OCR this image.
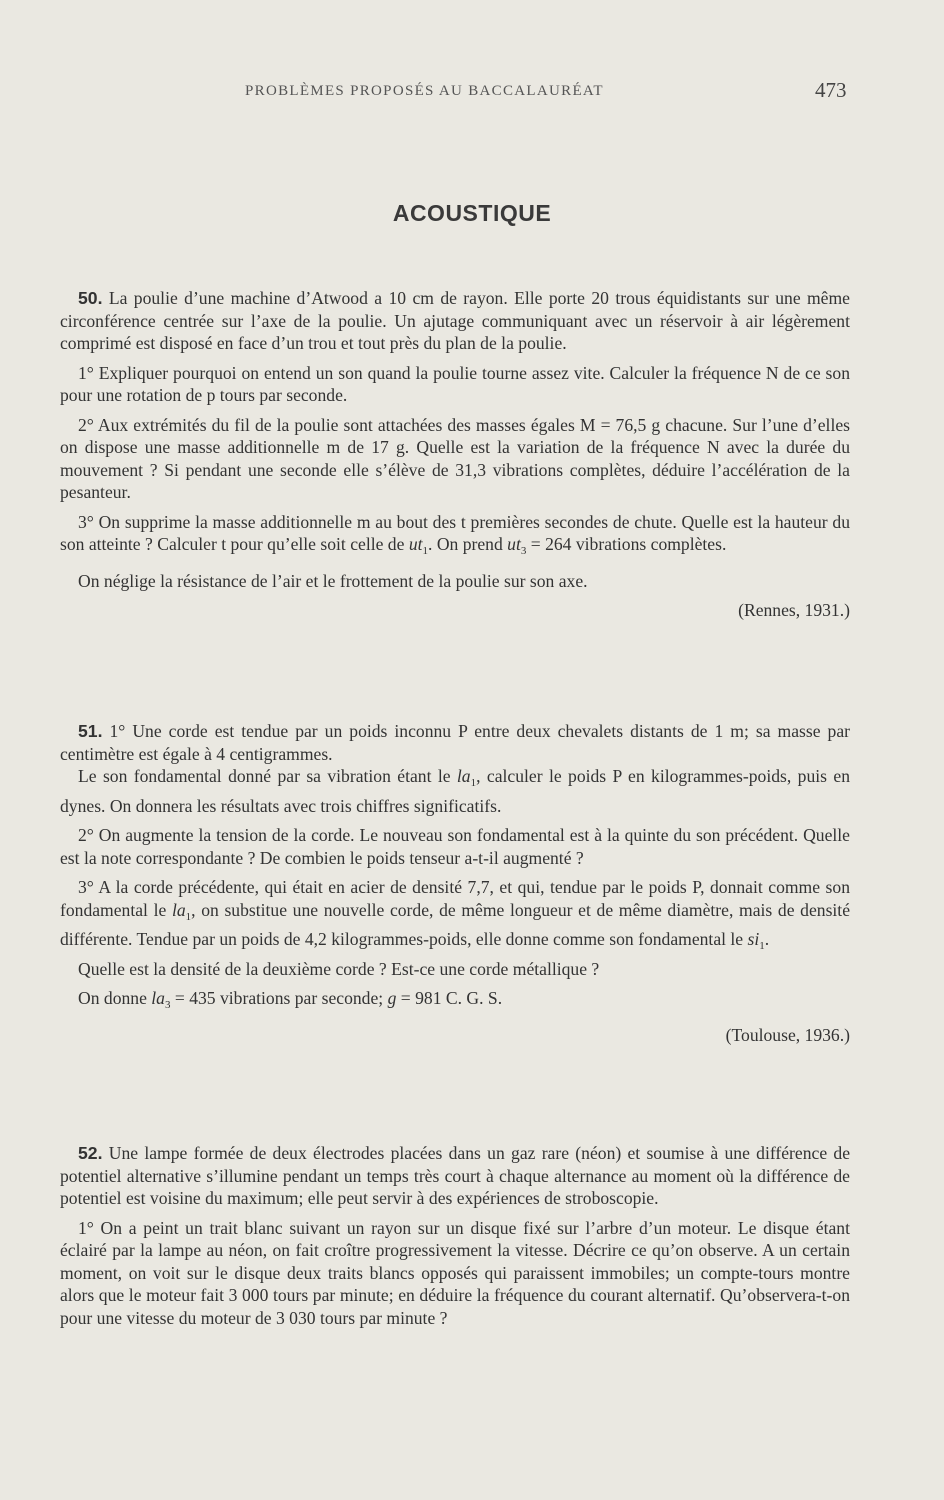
PROBLÈMES PROPOSÉS AU BACCALAURÉAT	473
ACOUSTIQUE

50. La poulie d’une machine d’Atwood a 10 cm de rayon. Elle porte 20 trous équidistants sur une même circonférence centrée sur l’axe de la poulie. Un ajutage communiquant avec un réservoir à air légèrement comprimé est disposé en face d’un trou et tout près du plan de la poulie.

1° Expliquer pourquoi on entend un son quand la poulie tourne assez vite. Calculer la fréquence N de ce son pour une rotation de p tours par seconde.

2° Aux extrémités du fil de la poulie sont attachées des masses égales M = 76,5 g chacune. Sur l’une d’elles on dispose une masse additionnelle m de 17 g. Quelle est la variation de la fréquence N avec la durée du mouvement ? Si pendant une seconde elle s’élève de 31,3 vibrations complètes, déduire l’accélération de la pesanteur.

3° On supprime la masse additionnelle m au bout des t premières secondes de chute. Quelle est la hauteur du son atteinte ? Calculer t pour qu’elle soit celle de $ut_1$. On prend $ut_3 = 264$ vibrations complètes.

On néglige la résistance de l’air et le frottement de la poulie sur son axe.

(Rennes, 1931.)

51. 1° Une corde est tendue par un poids inconnu P entre deux chevalets distants de 1 m; sa masse par centimètre est égale à 4 centigrammes.

Le son fondamental donné par sa vibration étant le $la_1$, calculer le poids P en kilogrammes-poids, puis en dynes. On donnera les résultats avec trois chiffres significatifs.

2° On augmente la tension de la corde. Le nouveau son fondamental est à la quinte du son précédent. Quelle est la note correspondante ? De combien le poids tenseur a-t-il augmenté ?

3° A la corde précédente, qui était en acier de densité 7,7, et qui, tendue par le poids P, donnait comme son fondamental le $la_1$, on substitue une nouvelle corde, de même longueur et de même diamètre, mais de densité différente. Tendue par un poids de 4,2 kilogrammes-poids, elle donne comme son fondamental le $si_1$.

Quelle est la densité de la deuxième corde ? Est-ce une corde métallique ?

On donne $la_3 = 435$ vibrations par seconde; g = 981 C. G. S.

(Toulouse, 1936.)

52. Une lampe formée de deux électrodes placées dans un gaz rare (néon) et soumise à une différence de potentiel alternative s’illumine pendant un temps très court à chaque alternance au moment où la différence de potentiel est voisine du maximum; elle peut servir à des expériences de stroboscopie.

1° On a peint un trait blanc suivant un rayon sur un disque fixé sur l’arbre d’un moteur. Le disque étant éclairé par la lampe au néon, on fait croître progressivement la vitesse. Décrire ce qu’on observe. A un certain moment, on voit sur le disque deux traits blancs opposés qui paraissent immobiles; un compte-tours montre alors que le moteur fait 3 000 tours par minute; en déduire la fréquence du courant alternatif. Qu’observera-t-on pour une vitesse du moteur de 3 030 tours par minute ?
